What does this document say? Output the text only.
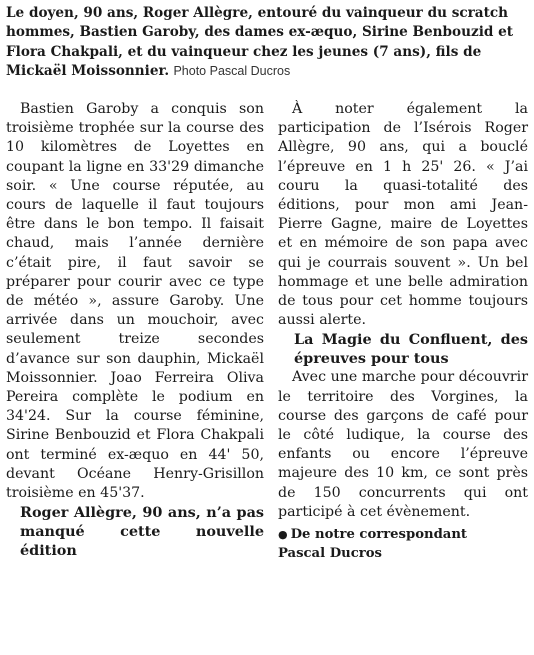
Le doyen, 90 ans, Roger Allègre, entouré du vainqueur du scratch hommes, Bastien Garoby, des dames ex-æquo, Sirine Benbouzid et Flora Chakpali, et du vainqueur chez les jeunes (7 ans), fils de Mickaël Moissonnier. Photo Pascal Ducros

Bastien Garoby a conquis son troisième trophée sur la course des 10 kilomètres de Loyettes en coupant la ligne en 33'29 dimanche soir. « Une course réputée, au cours de laquelle il faut toujours être dans le bon tempo. Il faisait chaud, mais l’année dernière c’était pire, il faut savoir se préparer pour courir avec ce type de météo », assure Garoby. Une arrivée dans un mouchoir, avec seulement treize secondes d’avance sur son dauphin, Mickaël Moissonnier. Joao Ferreira Oliva Pereira complète le podium en 34'24. Sur la course féminine, Sirine Benbouzid et Flora Chakpali ont terminé ex-æquo en 44' 50, devant Océane Henry-Grisillon troisième en 45'37.

Roger Allègre, 90 ans, n’a pas manqué cette nouvelle édition

À noter également la participation de l’Isérois Roger Allègre, 90 ans, qui a bouclé l’épreuve en 1 h 25' 26. « J’ai couru la quasi-totalité des éditions, pour mon ami Jean-Pierre Gagne, maire de Loyettes et en mémoire de son papa avec qui je courrais souvent ». Un bel hommage et une belle admiration de tous pour cet homme toujours aussi alerte.

La Magie du Confluent, des épreuves pour tous

Avec une marche pour découvrir le territoire des Vorgines, la course des garçons de café pour le côté ludique, la course des enfants ou encore l’épreuve majeure des 10 km, ce sont près de 150 concurrents qui ont participé à cet évènement.

● De notre correspondant
Pascal Ducros
